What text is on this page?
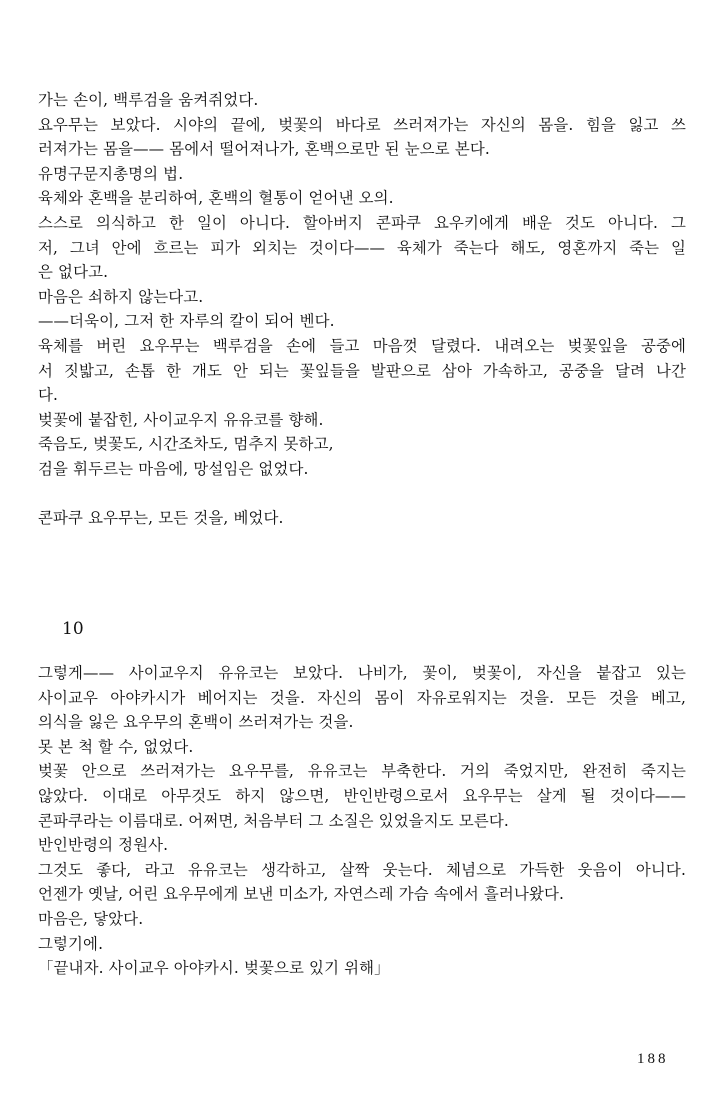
가는 손이, 백루검을 움켜쥐었다.
요우무는 보았다. 시야의 끝에, 벚꽃의 바다로 쓰러져가는 자신의 몸을. 힘을 잃고 쓰
러져가는 몸을—— 몸에서 떨어져나가, 혼백으로만 된 눈으로 본다.
유명구문지총명의 법.
육체와 혼백을 분리하여, 혼백의 혈통이 얻어낸 오의.
스스로 의식하고 한 일이 아니다. 할아버지 콘파쿠 요우키에게 배운 것도 아니다. 그
저, 그녀 안에 흐르는 피가 외치는 것이다—— 육체가 죽는다 해도, 영혼까지 죽는 일
은 없다고.
마음은 쇠하지 않는다고.
——더욱이, 그저 한 자루의 칼이 되어 벤다.
육체를 버린 요우무는 백루검을 손에 들고 마음껏 달렸다. 내려오는 벚꽃잎을 공중에
서 짓밟고, 손톱 한 개도 안 되는 꽃잎들을 발판으로 삼아 가속하고, 공중을 달려 나간
다.
벚꽃에 붙잡힌, 사이교우지 유유코를 향해.
죽음도, 벚꽃도, 시간조차도, 멈추지 못하고,
검을 휘두르는 마음에, 망설임은 없었다.

콘파쿠 요우무는, 모든 것을, 베었다.

10

그렇게—— 사이교우지 유유코는 보았다. 나비가, 꽃이, 벚꽃이, 자신을 붙잡고 있는
사이교우 아야카시가 베어지는 것을. 자신의 몸이 자유로워지는 것을. 모든 것을 베고,
의식을 잃은 요우무의 혼백이 쓰러져가는 것을.
못 본 척 할 수, 없었다.
벚꽃 안으로 쓰러져가는 요우무를, 유유코는 부축한다. 거의 죽었지만, 완전히 죽지는
않았다. 이대로 아무것도 하지 않으면, 반인반령으로서 요우무는 살게 될 것이다——
콘파쿠라는 이름대로. 어쩌면, 처음부터 그 소질은 있었을지도 모른다.
반인반령의 정원사.
그것도 좋다, 라고 유유코는 생각하고, 살짝 웃는다. 체념으로 가득한 웃음이 아니다.
언젠가 옛날, 어린 요우무에게 보낸 미소가, 자연스레 가슴 속에서 흘러나왔다.
마음은, 닿았다.
그렇기에.
「끝내자. 사이교우 아야카시. 벚꽃으로 있기 위해」

188
